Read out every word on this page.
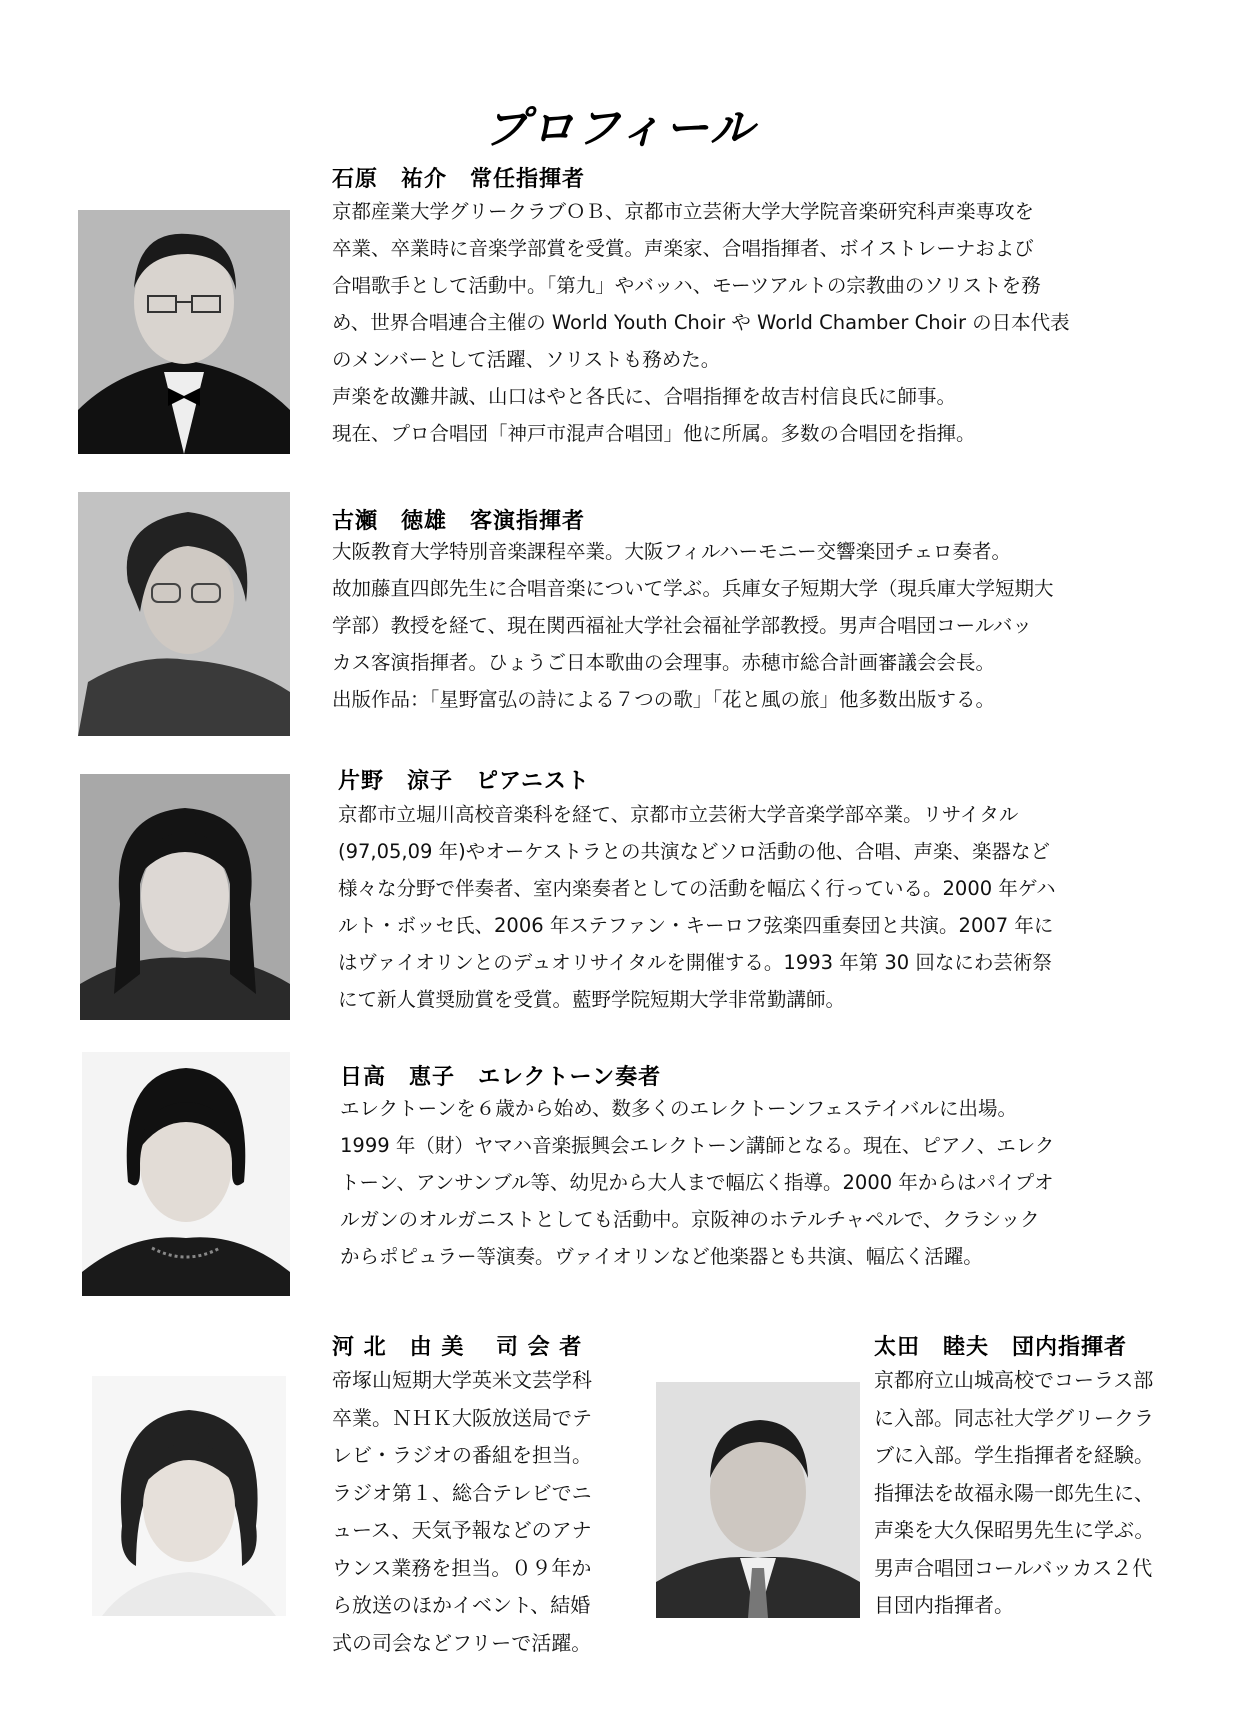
プロフィール
石原　祐介　常任指揮者
京都産業大学グリークラブＯＢ、京都市立芸術大学大学院音楽研究科声楽専攻を
卒業、卒業時に音楽学部賞を受賞。声楽家、合唱指揮者、ボイストレーナおよび
合唱歌手として活動中。「第九」やバッハ、モーツアルトの宗教曲のソリストを務
め、世界合唱連合主催の World Youth Choir や World Chamber Choir の日本代表
のメンバーとして活躍、ソリストも務めた。
声楽を故灘井誠、山口はやと各氏に、合唱指揮を故吉村信良氏に師事。
現在、プロ合唱団「神戸市混声合唱団」他に所属。多数の合唱団を指揮。
古瀬　徳雄　客演指揮者
大阪教育大学特別音楽課程卒業。大阪フィルハーモニー交響楽団チェロ奏者。
故加藤直四郎先生に合唱音楽について学ぶ。兵庫女子短期大学（現兵庫大学短期大
学部）教授を経て、現在関西福祉大学社会福祉学部教授。男声合唱団コールバッ
カス客演指揮者。ひょうご日本歌曲の会理事。赤穂市総合計画審議会会長。
出版作品：「星野富弘の詩による７つの歌」「花と風の旅」他多数出版する。
片野　涼子　ピアニスト
京都市立堀川高校音楽科を経て、京都市立芸術大学音楽学部卒業。リサイタル
(97,05,09 年)やオーケストラとの共演などソロ活動の他、合唱、声楽、楽器など
様々な分野で伴奏者、室内楽奏者としての活動を幅広く行っている。2000 年ゲハ
ルト・ボッセ氏、2006 年ステファン・キーロフ弦楽四重奏団と共演。2007 年に
はヴァイオリンとのデュオリサイタルを開催する。1993 年第 30 回なにわ芸術祭
にて新人賞奨励賞を受賞。藍野学院短期大学非常勤講師。
日高　恵子　エレクトーン奏者
エレクトーンを６歳から始め、数多くのエレクトーンフェステイバルに出場。
1999 年（財）ヤマハ音楽振興会エレクトーン講師となる。現在、ピアノ、エレク
トーン、アンサンブル等、幼児から大人まで幅広く指導。2000 年からはパイプオ
ルガンのオルガニストとしても活動中。京阪神のホテルチャペルで、クラシック
からポピュラー等演奏。ヴァイオリンなど他楽器とも共演、幅広く活躍。
河 北　由 美　 司 会 者
帝塚山短期大学英米文芸学科
卒業。ＮＨＫ大阪放送局でテ
レビ・ラジオの番組を担当。
ラジオ第１、総合テレビでニ
ュース、天気予報などのアナ
ウンス業務を担当。０９年か
ら放送のほかイベント、結婚
式の司会などフリーで活躍。
太田　睦夫　団内指揮者
京都府立山城高校でコーラス部
に入部。同志社大学グリークラ
ブに入部。学生指揮者を経験。
指揮法を故福永陽一郎先生に、
声楽を大久保昭男先生に学ぶ。
男声合唱団コールバッカス２代
目団内指揮者。
